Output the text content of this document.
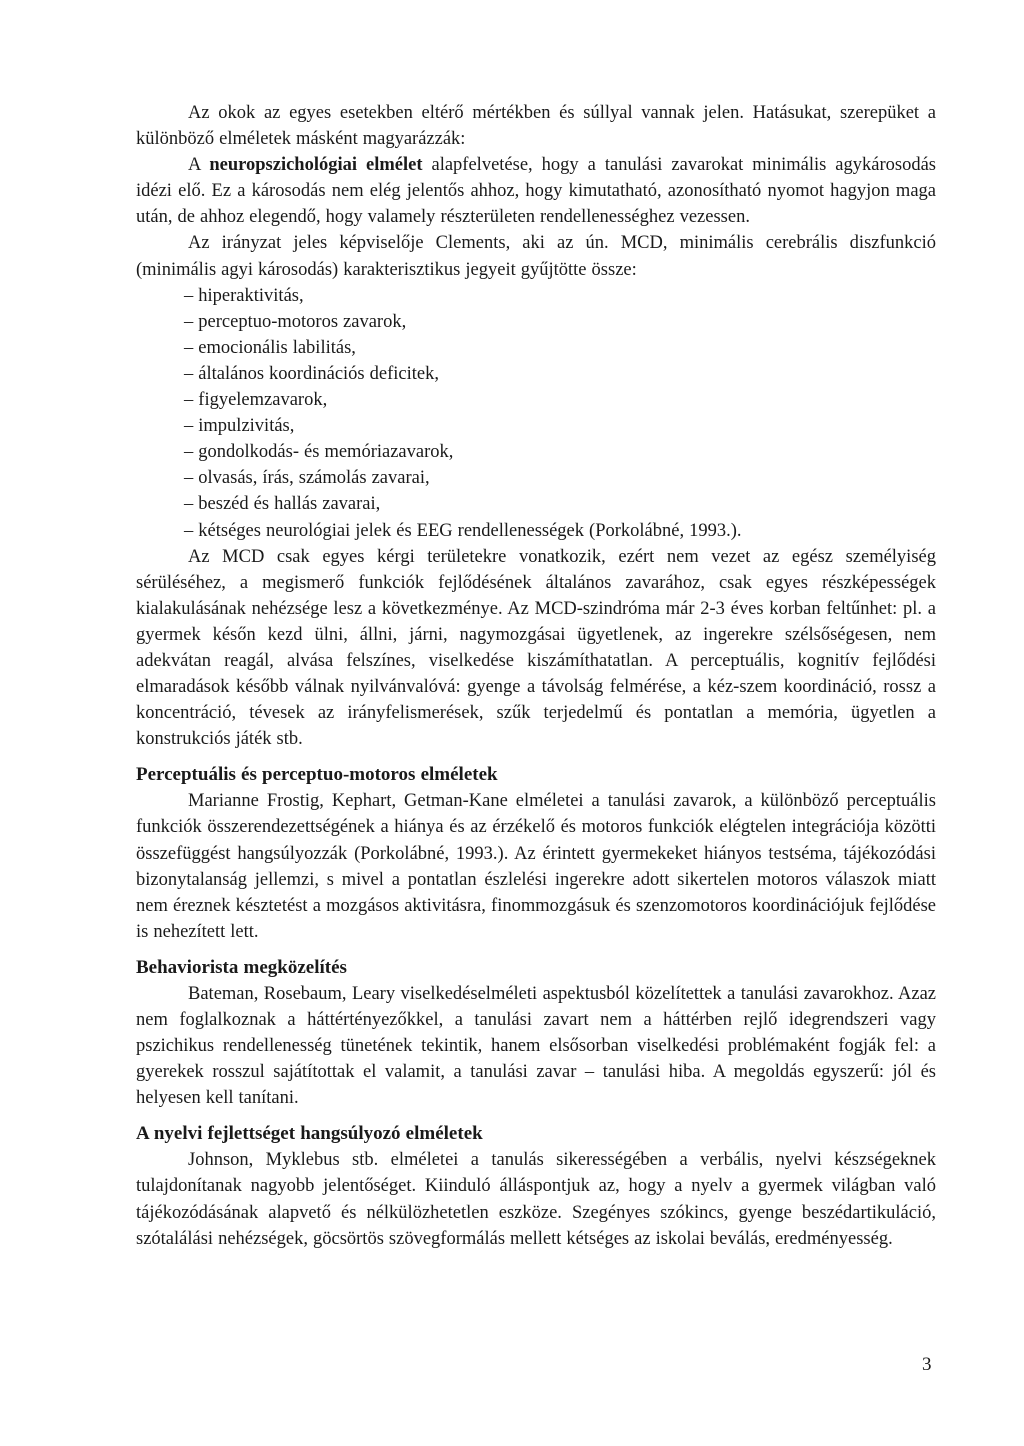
Az okok az egyes esetekben eltérő mértékben és súllyal vannak jelen. Hatásukat, szerepüket a különböző elméletek másként magyarázzák:

A neuropszichológiai elmélet alapfelvetése, hogy a tanulási zavarokat minimális agykárosodás idézi elő. Ez a károsodás nem elég jelentős ahhoz, hogy kimutatható, azonosítható nyomot hagyjon maga után, de ahhoz elegendő, hogy valamely részterületen rendellenességhez vezessen.

Az irányzat jeles képviselője Clements, aki az ún. MCD, minimális cerebrális diszfunkció (minimális agyi károsodás) karakterisztikus jegyeit gyűjtötte össze:

– hiperaktivitás,
– perceptuo-motoros zavarok,
– emocionális labilitás,
– általános koordinációs deficitek,
– figyelemzavarok,
– impulzivitás,
– gondolkodás- és memóriazavarok,
– olvasás, írás, számolás zavarai,
– beszéd és hallás zavarai,
– kétséges neurológiai jelek és EEG rendellenességek (Porkolábné, 1993.).

Az MCD csak egyes kérgi területekre vonatkozik, ezért nem vezet az egész személyiség sérüléséhez, a megismerő funkciók fejlődésének általános zavarához, csak egyes részképességek kialakulásának nehézsége lesz a következménye. Az MCD-szindróma már 2-3 éves korban feltűnhet: pl. a gyermek későn kezd ülni, állni, járni, nagymozgásai ügyetlenek, az ingerekre szélsőségesen, nem adekvátan reagál, alvása felszínes, viselkedése kiszámíthatatlan. A perceptuális, kognitív fejlődési elmaradások később válnak nyilvánvalóvá: gyenge a távolság felmérése, a kéz-szem koordináció, rossz a koncentráció, tévesek az irányfelismerések, szűk terjedelmű és pontatlan a memória, ügyetlen a konstrukciós játék stb.

Perceptuális és perceptuo-motoros elméletek

Marianne Frostig, Kephart, Getman-Kane elméletei a tanulási zavarok, a különböző perceptuális funkciók összerendezettségének a hiánya és az érzékelő és motoros funkciók elégtelen integrációja közötti összefüggést hangsúlyozzák (Porkolábné, 1993.). Az érintett gyermekeket hiányos testséma, tájékozódási bizonytalanság jellemzi, s mivel a pontatlan észlelési ingerekre adott sikertelen motoros válaszok miatt nem éreznek késztetést a mozgásos aktivitásra, finommozgásuk és szenzomotoros koordinációjuk fejlődése is nehezített lett.

Behaviorista megközelítés

Bateman, Rosebaum, Leary viselkedéselméleti aspektusból közelítettek a tanulási zavarokhoz. Azaz nem foglalkoznak a háttértényezőkkel, a tanulási zavart nem a háttérben rejlő idegrendszeri vagy pszichikus rendellenesség tünetének tekintik, hanem elsősorban viselkedési problémaként fogják fel: a gyerekek rosszul sajátítottak el valamit, a tanulási zavar – tanulási hiba. A megoldás egyszerű: jól és helyesen kell tanítani.

A nyelvi fejlettséget hangsúlyozó elméletek

Johnson, Myklebus stb. elméletei a tanulás sikerességében a verbális, nyelvi készségeknek tulajdonítanak nagyobb jelentőséget. Kiinduló álláspontjuk az, hogy a nyelv a gyermek világban való tájékozódásának alapvető és nélkülözhetetlen eszköze. Szegényes szókincs, gyenge beszédartikuláció, szótalálási nehézségek, göcsörtös szövegformálás mellett kétséges az iskolai beválás, eredményesség.

3
